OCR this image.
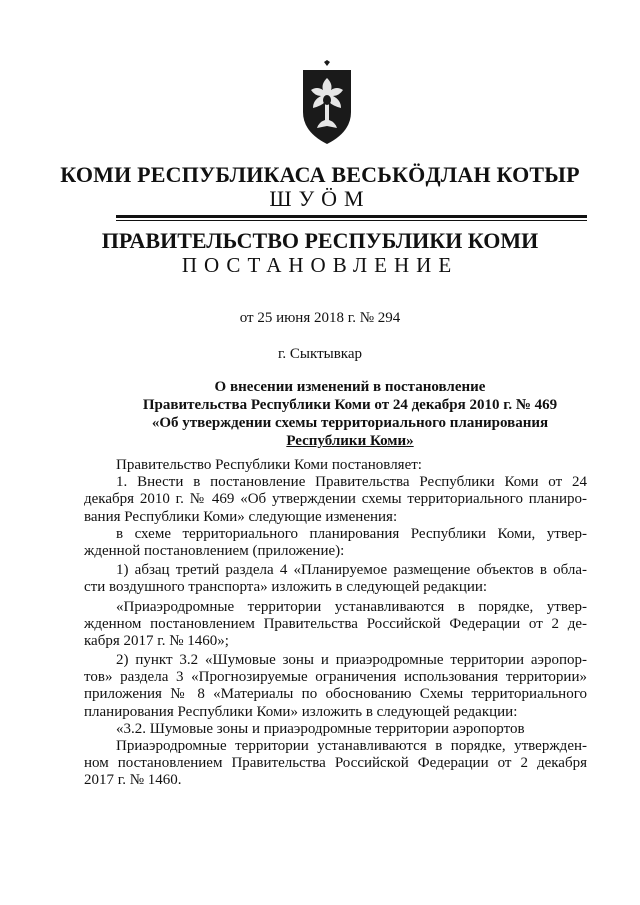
КОМИ РЕСПУБЛИКАСА ВЕСЬКӦДЛАН КОТЫР
ШУӦМ
ПРАВИТЕЛЬСТВО РЕСПУБЛИКИ КОМИ
ПОСТАНОВЛЕНИЕ
от 25 июня 2018 г. № 294
г. Сыктывкар
О внесении изменений в постановление
Правительства Республики Коми от 24 декабря 2010 г. № 469
«Об утверждении схемы территориального планирования
Республики Коми»
Правительство Республики Коми постановляет:
1. Внести в постановление Правительства Республики Коми от 24
декабря 2010 г. № 469 «Об утверждении схемы территориального планиро-
вания Республики Коми» следующие изменения:
в схеме территориального планирования Республики Коми, утвер-
жденной постановлением (приложение):
1) абзац третий раздела 4 «Планируемое размещение объектов в обла-
сти воздушного транспорта» изложить в следующей редакции:
«Приаэродромные территории устанавливаются в порядке, утвер-
жденном постановлением Правительства Российской Федерации от 2 де-
кабря 2017 г. № 1460»;
2) пункт 3.2 «Шумовые зоны и приаэродромные территории аэропор-
тов» раздела 3 «Прогнозируемые ограничения использования территории»
приложения № 8 «Материалы по обоснованию Схемы территориального
планирования Республики Коми» изложить в следующей редакции:
«3.2. Шумовые зоны и приаэродромные территории аэропортов
Приаэродромные территории устанавливаются в порядке, утвержден-
ном постановлением Правительства Российской Федерации от 2 декабря
2017 г. № 1460.
